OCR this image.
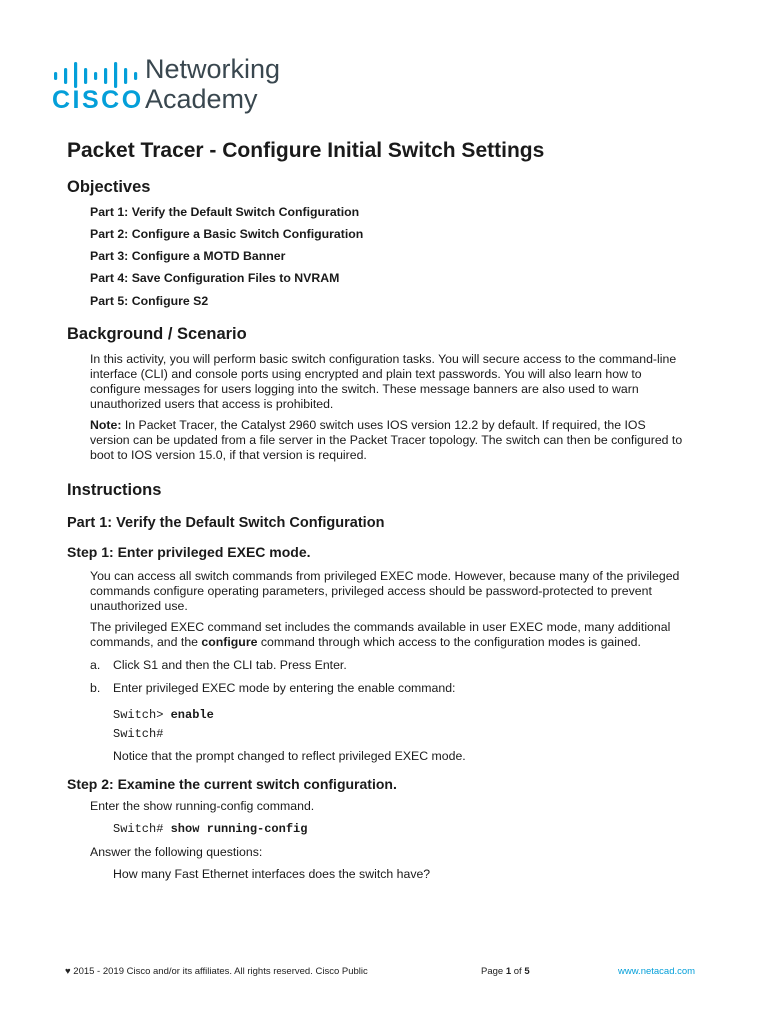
CISCO
Networking
Academy
Packet Tracer - Configure Initial Switch Settings
Objectives
Part 1: Verify the Default Switch Configuration
Part 2: Configure a Basic Switch Configuration
Part 3: Configure a MOTD Banner
Part 4: Save Configuration Files to NVRAM
Part 5: Configure S2
Background / Scenario
In this activity, you will perform basic switch configuration tasks. You will secure access to the command-line
interface (CLI) and console ports using encrypted and plain text passwords. You will also learn how to
configure messages for users logging into the switch. These message banners are also used to warn
unauthorized users that access is prohibited.
Note: In Packet Tracer, the Catalyst 2960 switch uses IOS version 12.2 by default. If required, the IOS
version can be updated from a file server in the Packet Tracer topology. The switch can then be configured to
boot to IOS version 15.0, if that version is required.
Instructions
Part 1: Verify the Default Switch Configuration
Step 1: Enter privileged EXEC mode.
You can access all switch commands from privileged EXEC mode. However, because many of the privileged
commands configure operating parameters, privileged access should be password-protected to prevent
unauthorized use.
The privileged EXEC command set includes the commands available in user EXEC mode, many additional
commands, and the configure command through which access to the configuration modes is gained.
a. Click S1 and then the CLI tab. Press Enter.
b. Enter privileged EXEC mode by entering the enable command:
Switch> enable
Switch#
Notice that the prompt changed to reflect privileged EXEC mode.
Step 2: Examine the current switch configuration.
Enter the show running-config command.
Switch# show running-config
Answer the following questions:
How many Fast Ethernet interfaces does the switch have?
♥ 2015 - 2019 Cisco and/or its affiliates. All rights reserved. Cisco Public	Page 1 of 5	www.netacad.com
